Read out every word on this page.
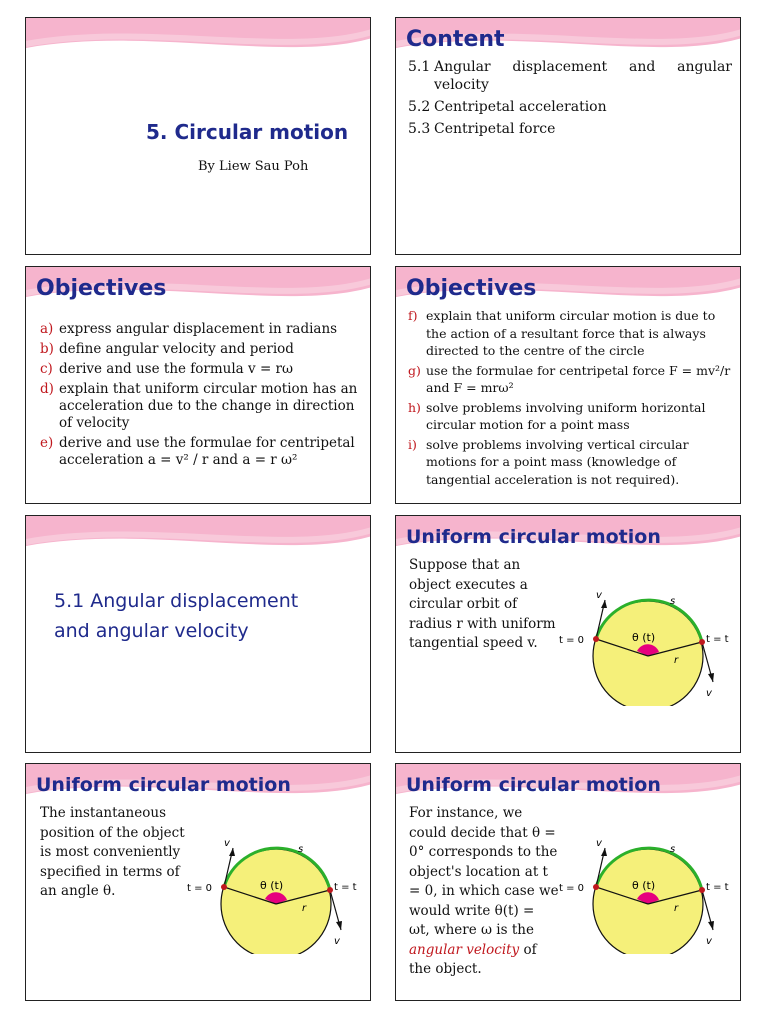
5. Circular motion
By Liew Sau Poh
Content
5.1 Angular displacement and angular velocity
5.2 Centripetal acceleration
5.3 Centripetal force
Objectives
a) express angular displacement in radians
b) define angular velocity and period
c) derive and use the formula v = rω
d) explain that uniform circular motion has an acceleration due to the change in direction of velocity
e) derive and use the formulae for centripetal acceleration a = v² / r and a = r ω²
Objectives
f) explain that uniform circular motion is due to the action of a resultant force that is always directed to the centre of the circle
g) use the formulae for centripetal force F = mv²/r and F = mrω²
h) solve problems involving uniform horizontal circular motion for a point mass
i) solve problems involving vertical circular motions for a point mass (knowledge of tangential acceleration is not required).
5.1 Angular displacement
and angular velocity
Uniform circular motion
Suppose that an object executes a circular orbit of radius r with uniform tangential speed v.
v
s
t = 0	t = t
θ (t)
r
v
Uniform circular motion
The instantaneous position of the object is most conveniently specified in terms of an angle θ.
v
s
t = 0	t = t
θ (t)
r
v
Uniform circular motion
For instance, we could decide that θ = 0° corresponds to the object's location at t = 0, in which case we would write θ(t) = ωt, where ω is the angular velocity of the object.
v
s
t = 0	t = t
θ (t)
r
v
